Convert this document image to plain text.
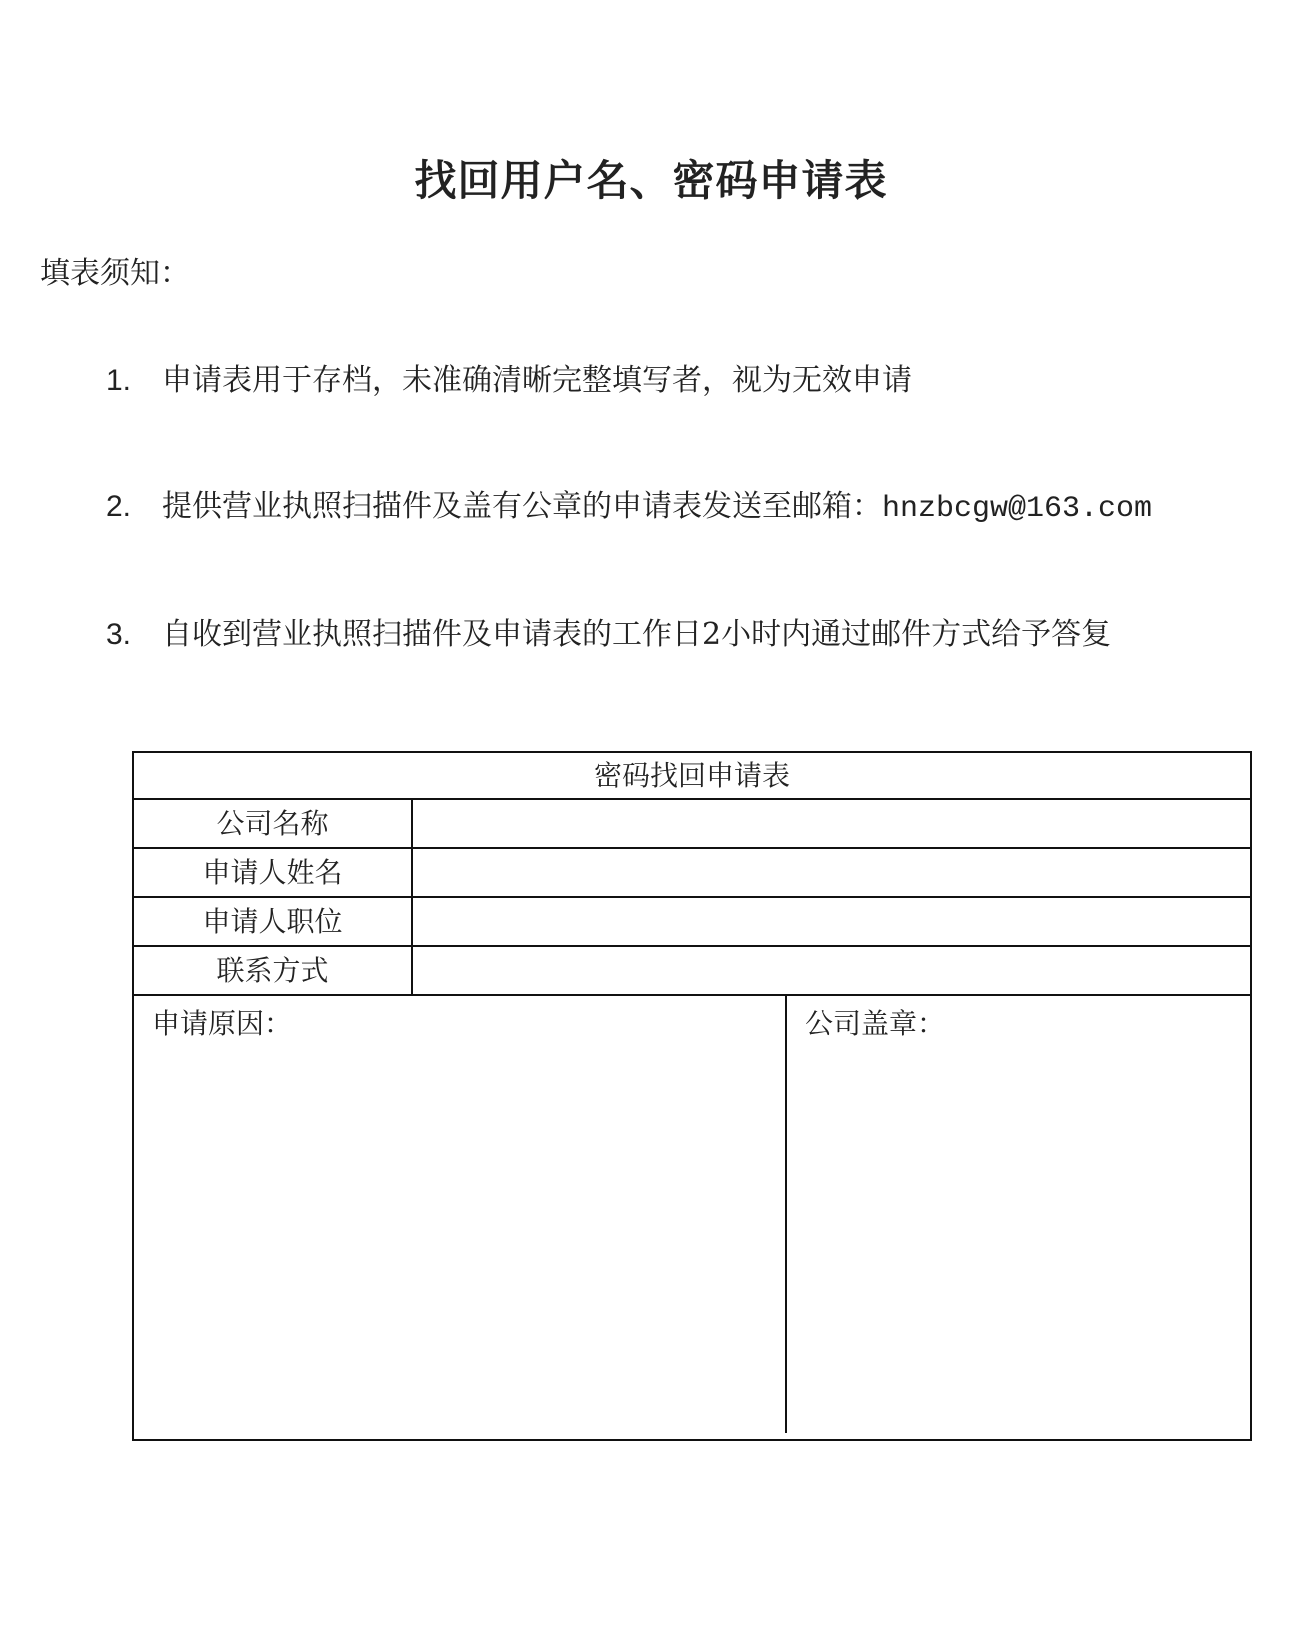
找回用户名、密码申请表
填表须知：
1. 申请表用于存档，未准确清晰完整填写者，视为无效申请
2. 提供营业执照扫描件及盖有公章的申请表发送至邮箱：hnzbcgw@163.com
3. 自收到营业执照扫描件及申请表的工作日2小时内通过邮件方式给予答复
密码找回申请表
公司名称
申请人姓名
申请人职位
联系方式
申请原因：	公司盖章：
